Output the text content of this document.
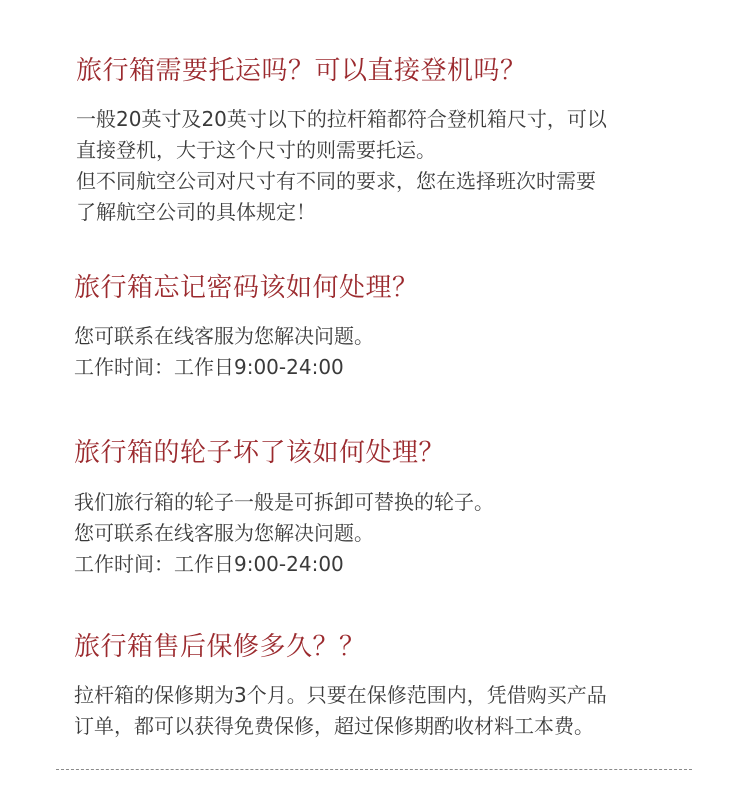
旅行箱需要托运吗？可以直接登机吗？
一般20英寸及20英寸以下的拉杆箱都符合登机箱尺寸，可以
直接登机，大于这个尺寸的则需要托运。
但不同航空公司对尺寸有不同的要求，您在选择班次时需要
了解航空公司的具体规定！
旅行箱忘记密码该如何处理？
您可联系在线客服为您解决问题。
工作时间：工作日9:00-24:00
旅行箱的轮子坏了该如何处理？
我们旅行箱的轮子一般是可拆卸可替换的轮子。
您可联系在线客服为您解决问题。
工作时间：工作日9:00-24:00
旅行箱售后保修多久？？
拉杆箱的保修期为3个月。只要在保修范围内，凭借购买产品
订单，都可以获得免费保修，超过保修期酌收材料工本费。
